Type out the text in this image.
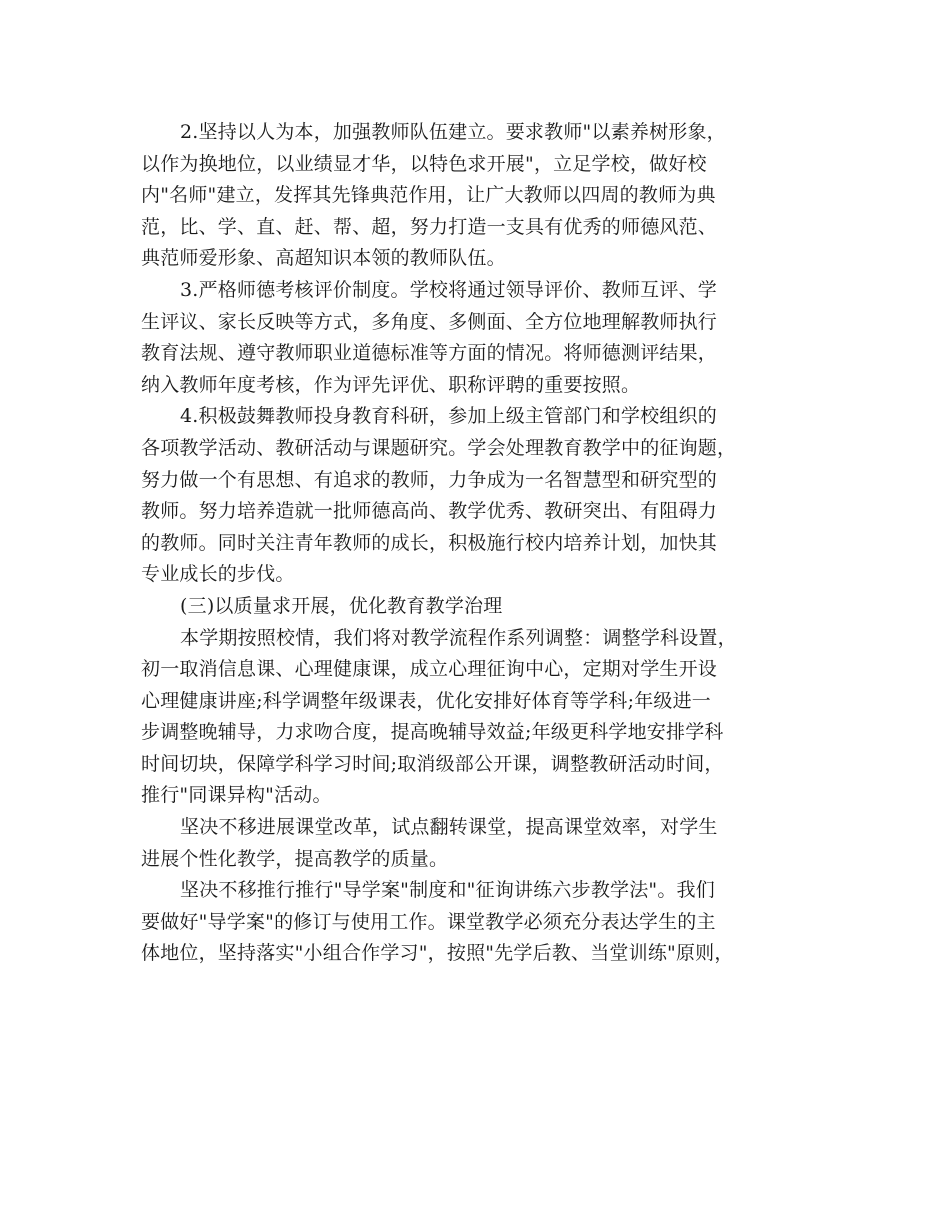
2.坚持以人为本，加强教师队伍建立。要求教师"以素养树形象，
以作为换地位，以业绩显才华，以特色求开展"，立足学校，做好校
内"名师"建立，发挥其先锋典范作用，让广大教师以四周的教师为典
范，比、学、直、赶、帮、超，努力打造一支具有优秀的师德风范、
典范师爱形象、高超知识本领的教师队伍。
3.严格师德考核评价制度。学校将通过领导评价、教师互评、学
生评议、家长反映等方式，多角度、多侧面、全方位地理解教师执行
教育法规、遵守教师职业道德标准等方面的情况。将师德测评结果，
纳入教师年度考核，作为评先评优、职称评聘的重要按照。
4.积极鼓舞教师投身教育科研，参加上级主管部门和学校组织的
各项教学活动、教研活动与课题研究。学会处理教育教学中的征询题，
努力做一个有思想、有追求的教师，力争成为一名智慧型和研究型的
教师。努力培养造就一批师德高尚、教学优秀、教研突出、有阻碍力
的教师。同时关注青年教师的成长，积极施行校内培养计划，加快其
专业成长的步伐。
(三)以质量求开展，优化教育教学治理
本学期按照校情，我们将对教学流程作系列调整：调整学科设置，
初一取消信息课、心理健康课，成立心理征询中心，定期对学生开设
心理健康讲座;科学调整年级课表，优化安排好体育等学科;年级进一
步调整晚辅导，力求吻合度，提高晚辅导效益;年级更科学地安排学科
时间切块，保障学科学习时间;取消级部公开课，调整教研活动时间，
推行"同课异构"活动。
坚决不移进展课堂改革，试点翻转课堂，提高课堂效率，对学生
进展个性化教学，提高教学的质量。
坚决不移推行推行"导学案"制度和"征询讲练六步教学法"。我们
要做好"导学案"的修订与使用工作。课堂教学必须充分表达学生的主
体地位，坚持落实"小组合作学习"，按照"先学后教、当堂训练"原则，
